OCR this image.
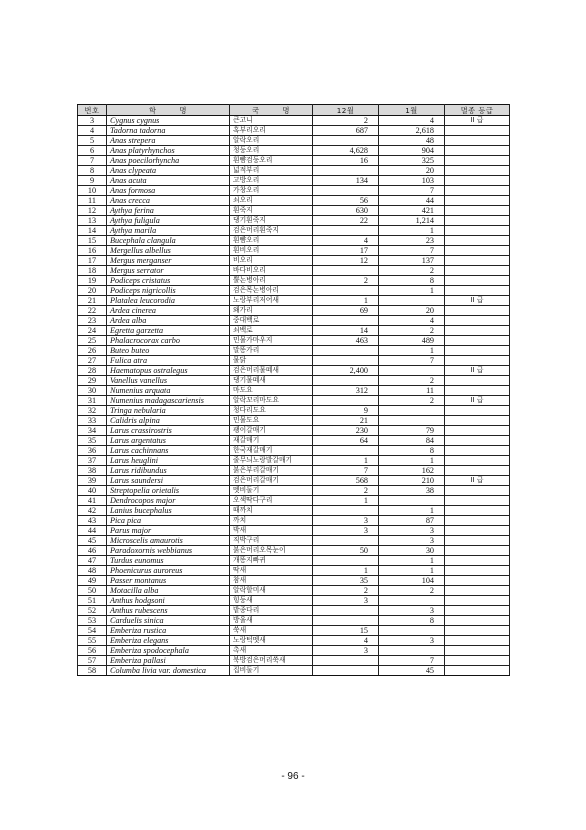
번호	학　　　명	국　　　명	12월	1월	멸종 등급
3	Cygnus cygnus	큰고니	2	4	II 급
4	Tadorna tadorna	혹부리오리	687	2,618	
5	Anas strepera	알락오리		48	
6	Anas platyrhynchos	청둥오리	4,628	904	
7	Anas poecilorhyncha	흰뺨검둥오리	16	325	
8	Anas clypeata	넓적부리		20	
9	Anas acuta	고방오리	134	103	
10	Anas formosa	가창오리		7	
11	Anas crecca	쇠오리	56	44	
12	Aythya ferina	흰죽지	630	421	
13	Aythya fuligula	댕기흰죽지	22	1,214	
14	Aythya marila	검은머리흰죽지		1	
15	Bucephala clangula	흰뺨오리	4	23	
16	Mergellus albellus	흰비오리	17	7	
17	Mergus merganser	비오리	12	137	
18	Mergus serrator	바다비오리		2	
19	Podiceps cristatus	뿔논병아리	2	8	
20	Podiceps nigricollis	검은목논병아리		1	
21	Platalea leucorodia	노랑부리저어새	1		II 급
22	Ardea cinerea	왜가리	69	20	
23	Ardea alba	중대백로		4	
24	Egretta garzetta	쇠백로	14	2	
25	Phalacrocorax carbo	민물가마우지	463	489	
26	Buteo buteo	말똥가리		1	
27	Fulica atra	물닭		7	
28	Haematopus ostralegus	검은머리물떼새	2,400		II 급
29	Vanellus vanellus	댕기물떼새		2	
30	Numenius arquata	마도요	312	11	
31	Numenius madagascariensis	알락꼬리마도요		2	II 급
32	Tringa nebularia	청다리도요	9		
33	Calidris alpina	민물도요	21		
34	Larus crassirostris	괭이갈매기	230	79	
35	Larus argentatus	재갈매기	64	84	
36	Larus cachinnans	한국재갈매기		8	
37	Larus heuglini	줄무늬노랑발갈매기	1	1	
38	Larus ridibundus	붉은부리갈매기	7	162	
39	Larus saundersi	검은머리갈매기	568	210	II 급
40	Streptopelia orietalis	멧비둘기	2	38	
41	Dendrocopos major	오색딱다구리	1		
42	Lanius bucephalus	때까치		1	
43	Pica pica	까치	3	87	
44	Parus major	박새	3	3	
45	Microscelis amaurotis	직박구리		3	
46	Paradoxornis webbianus	붉은머리오목눈이	50	30	
47	Turdus eunomus	개똥지빠귀		1	
48	Phoenicurus auroreus	딱새	1	1	
49	Passer montanus	참새	35	104	
50	Motacilla alba	알락할미새	2	2	
51	Anthus hodgsoni	힝둥새	3		
52	Anthus rubescens	밭종다리		3	
53	Carduelis sinica	방울새		8	
54	Emberiza rustica	쑥새	15		
55	Emberiza elegans	노랑턱멧새	4	3	
56	Emberiza spodocephala	촉새	3		
57	Emberiza pallasi	북방검은머리쑥새		7	
58	Columba livia var. domestica	집비둘기		45	
- 96 -
